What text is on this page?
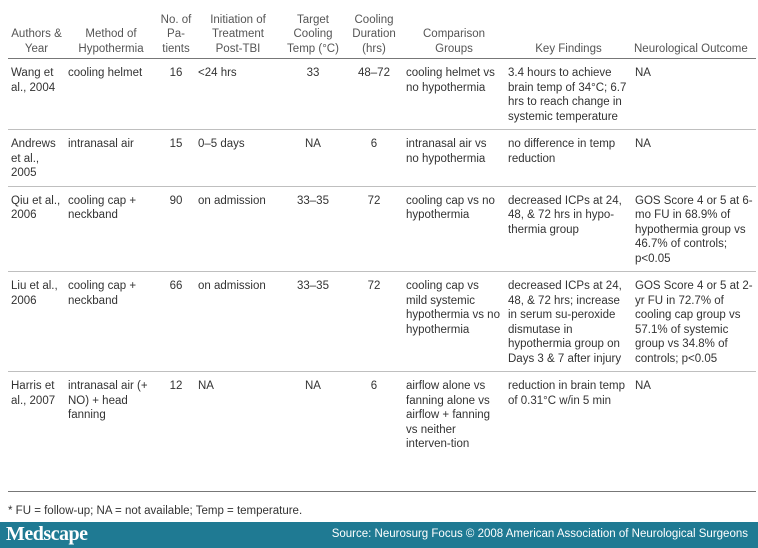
Authors & Year	Method of Hypothermia	No. of Pa-tients	Initiation of Treatment Post-TBI	Target Cooling Temp (°C)	Cooling Duration (hrs)	Comparison Groups	Key Findings	Neurological Outcome
Wang et al., 2004	cooling helmet	16	<24 hrs	33	48–72	cooling helmet vs no hypothermia	3.4 hours to achieve brain temp of 34°C; 6.7 hrs to reach change in systemic temperature	NA
Andrews et al., 2005	intranasal air	15	0–5 days	NA	6	intranasal air vs no hypothermia	no difference in temp reduction	NA
Qiu et al., 2006	cooling cap + neckband	90	on admission	33–35	72	cooling cap vs no hypothermia	decreased ICPs at 24, 48, & 72 hrs in hypo-thermia group	GOS Score 4 or 5 at 6-mo FU in 68.9% of hypothermia group vs 46.7% of controls; p<0.05
Liu et al., 2006	cooling cap + neckband	66	on admission	33–35	72	cooling cap vs mild systemic hypothermia vs no hypothermia	decreased ICPs at 24, 48, & 72 hrs; increase in serum su-peroxide dismutase in hypothermia group on Days 3 & 7 after injury	GOS Score 4 or 5 at 2-yr FU in 72.7% of cooling cap group vs 57.1% of systemic group vs 34.8% of controls; p<0.05
Harris et al., 2007	intranasal air (+ NO) + head fanning	12	NA	NA	6	airflow alone vs fanning alone vs airflow + fanning vs neither interven-tion	reduction in brain temp of 0.31°C w/in 5 min	NA
* FU = follow-up; NA = not available; Temp = temperature.
Medscape	Source: Neurosurg Focus © 2008 American Association of Neurological Surgeons
